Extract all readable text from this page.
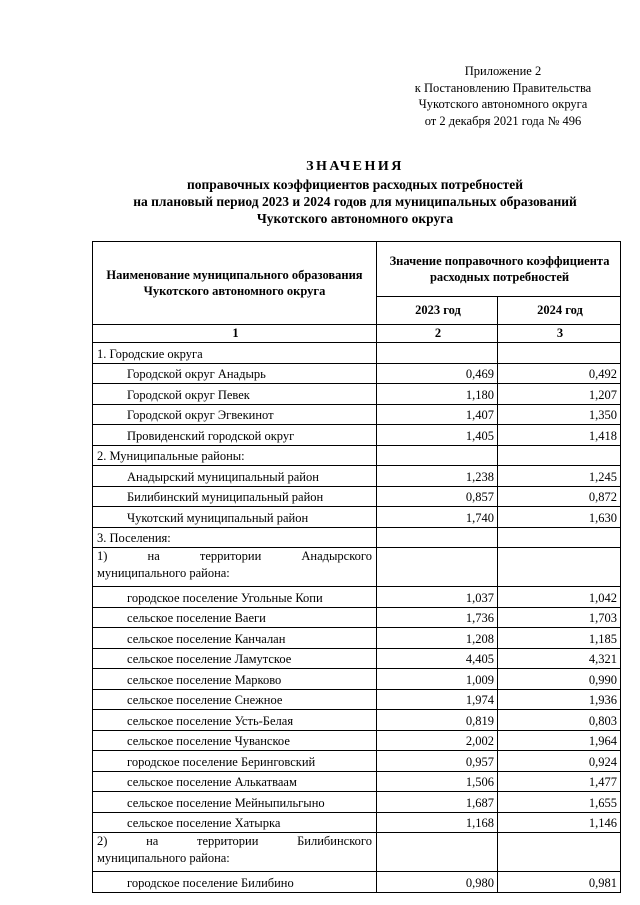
Приложение 2
к Постановлению Правительства
Чукотского автономного округа
от 2 декабря 2021 года № 496
ЗНАЧЕНИЯ
поправочных коэффициентов расходных потребностей
на плановый период 2023 и 2024 годов для муниципальных образований
Чукотского автономного округа
Наименование муниципального образования Чукотского автономного округа	Значение поправочного коэффициента расходных потребностей	
	2023 год	2024 год
1	2	3
1. Городские округа		
Городской округ Анадырь	0,469	0,492
Городской округ Певек	1,180	1,207
Городской округ Эгвекинот	1,407	1,350
Провиденский городской округ	1,405	1,418
2. Муниципальные районы:		
Анадырский муниципальный район	1,238	1,245
Билибинский муниципальный район	0,857	0,872
Чукотский муниципальный район	1,740	1,630
3. Поселения:		

1) на территории Анадырского
муниципального района:		

городское поселение Угольные Копи	1,037	1,042
сельское поселение Ваеги	1,736	1,703
сельское поселение Канчалан	1,208	1,185
сельское поселение Ламутское	4,405	4,321
сельское поселение Марково	1,009	0,990
сельское поселение Снежное	1,974	1,936
сельское поселение Усть-Белая	0,819	0,803
сельское поселение Чуванское	2,002	1,964
городское поселение Беринговский	0,957	0,924
сельское поселение Алькатваам	1,506	1,477
сельское поселение Мейныпильгыно	1,687	1,655
сельское поселение Хатырка	1,168	1,146

2) на территории Билибинского
муниципального района:		

городское поселение Билибино	0,980	0,981
